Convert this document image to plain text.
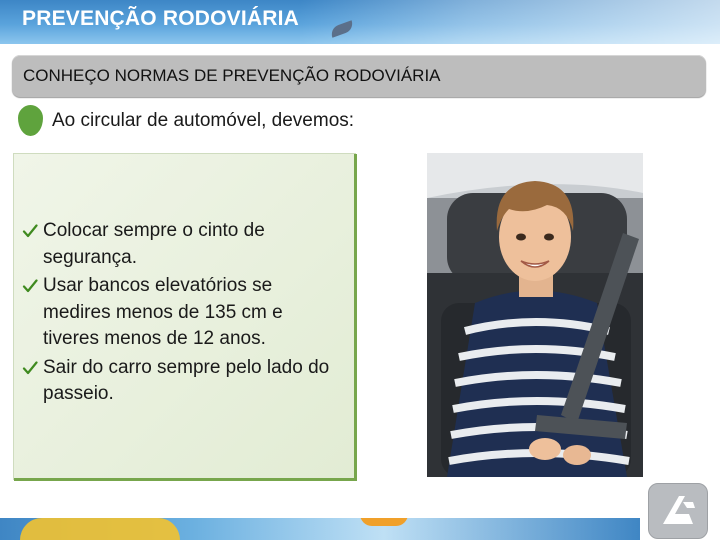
PREVENÇÃO RODOVIÁRIA
CONHEÇO NORMAS DE PREVENÇÃO RODOVIÁRIA
Ao circular de automóvel, devemos:
Colocar sempre o cinto de segurança.
Usar bancos elevatórios se medires menos de 135 cm e tiveres menos de 12 anos.
Sair do carro sempre pelo lado do passeio.
